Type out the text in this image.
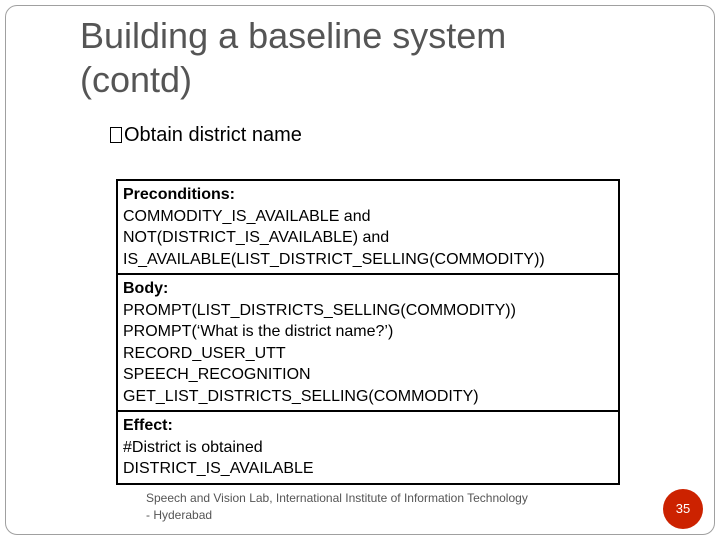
Building a baseline system
(contd)
Obtain district name
Preconditions:
COMMODITY_IS_AVAILABLE and
NOT(DISTRICT_IS_AVAILABLE) and
IS_AVAILABLE(LIST_DISTRICT_SELLING(COMMODITY))
Body:
PROMPT(LIST_DISTRICTS_SELLING(COMMODITY))
PROMPT(‘What is the district name?’)
RECORD_USER_UTT
SPEECH_RECOGNITION
GET_LIST_DISTRICTS_SELLING(COMMODITY)
Effect:
#District is obtained
DISTRICT_IS_AVAILABLE
Speech and Vision Lab, International Institute of Information Technology
- Hyderabad	35
